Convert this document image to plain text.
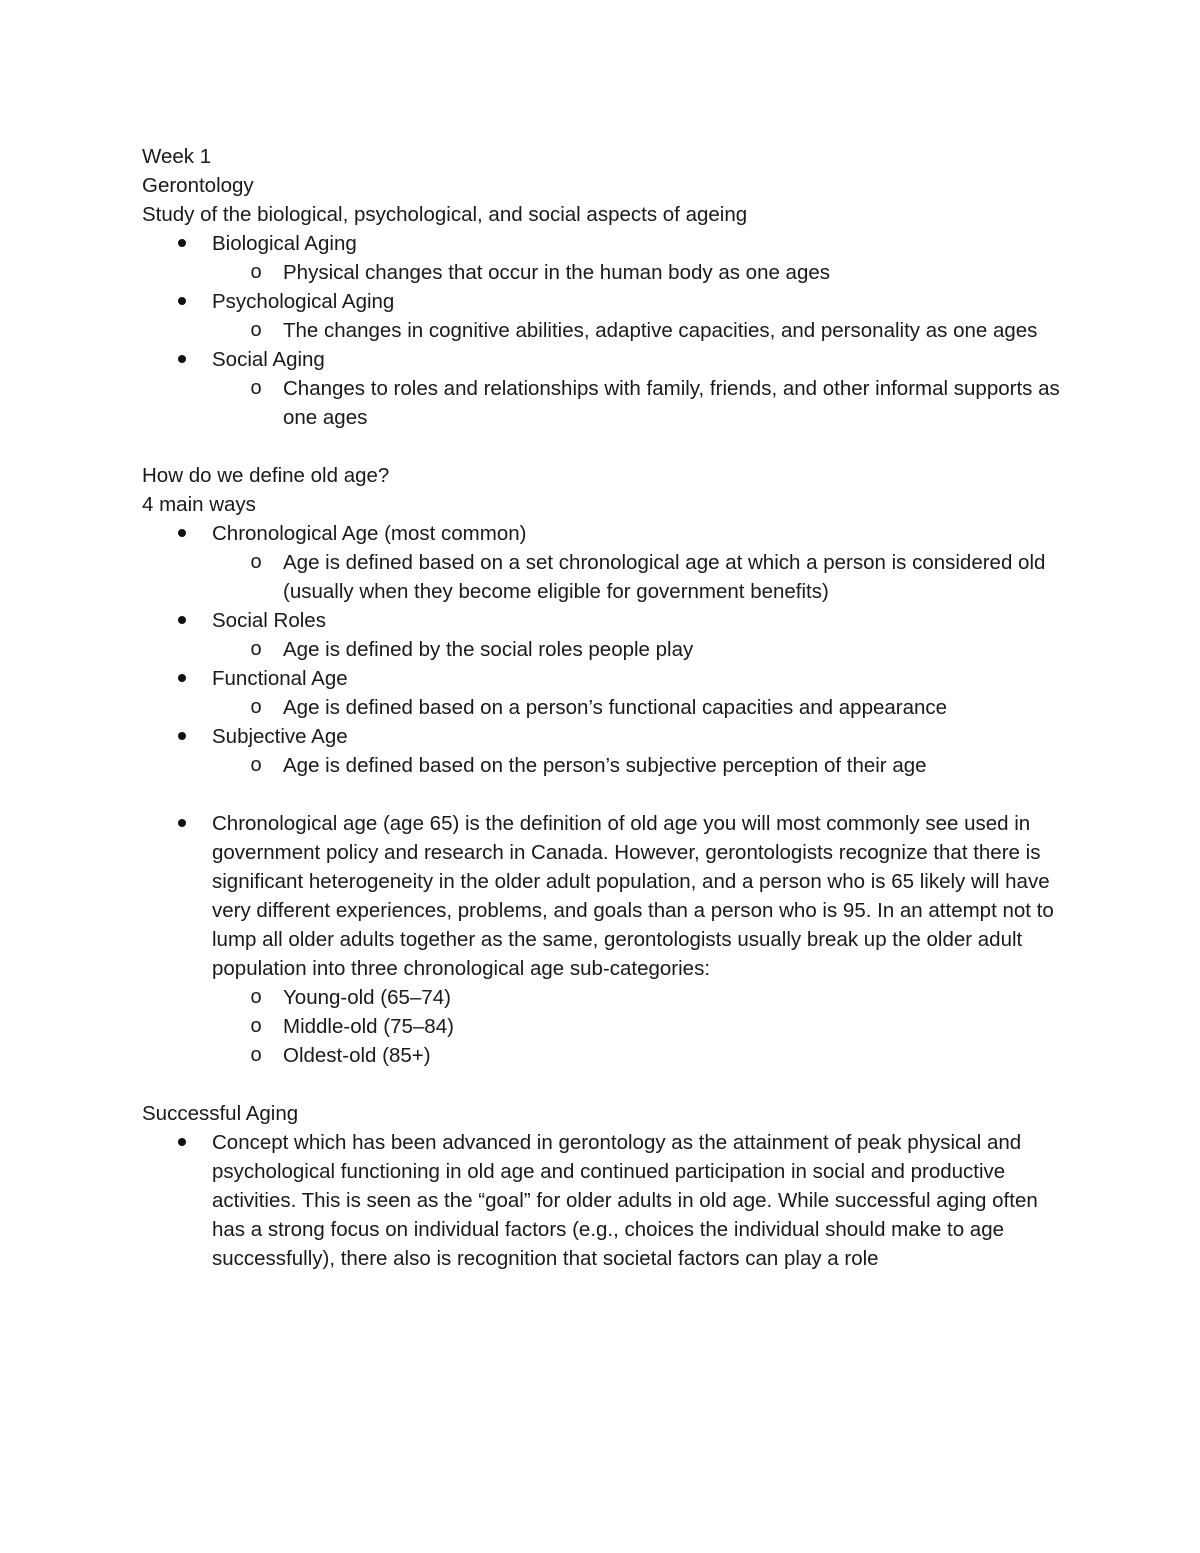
Week 1

Gerontology

Study of the biological, psychological, and social aspects of ageing

Biological Aging
o Physical changes that occur in the human body as one ages
Psychological Aging
o The changes in cognitive abilities, adaptive capacities, and personality as one ages
Social Aging
o Changes to roles and relationships with family, friends, and other informal supports as one ages

How do we define old age?

4 main ways

Chronological Age (most common)
o Age is defined based on a set chronological age at which a person is considered old (usually when they become eligible for government benefits)
Social Roles
o Age is defined by the social roles people play
Functional Age
o Age is defined based on a person’s functional capacities and appearance
Subjective Age
o Age is defined based on the person’s subjective perception of their age
Chronological age (age 65) is the definition of old age you will most commonly see used in government policy and research in Canada. However, gerontologists recognize that there is significant heterogeneity in the older adult population, and a person who is 65 likely will have very different experiences, problems, and goals than a person who is 95. In an attempt not to lump all older adults together as the same, gerontologists usually break up the older adult population into three chronological age sub-categories:
o Young-old (65–74)
o Middle-old (75–84)
o Oldest-old (85+)

Successful Aging

Concept which has been advanced in gerontology as the attainment of peak physical and psychological functioning in old age and continued participation in social and productive activities. This is seen as the “goal” for older adults in old age. While successful aging often has a strong focus on individual factors (e.g., choices the individual should make to age successfully), there also is recognition that societal factors can play a role
